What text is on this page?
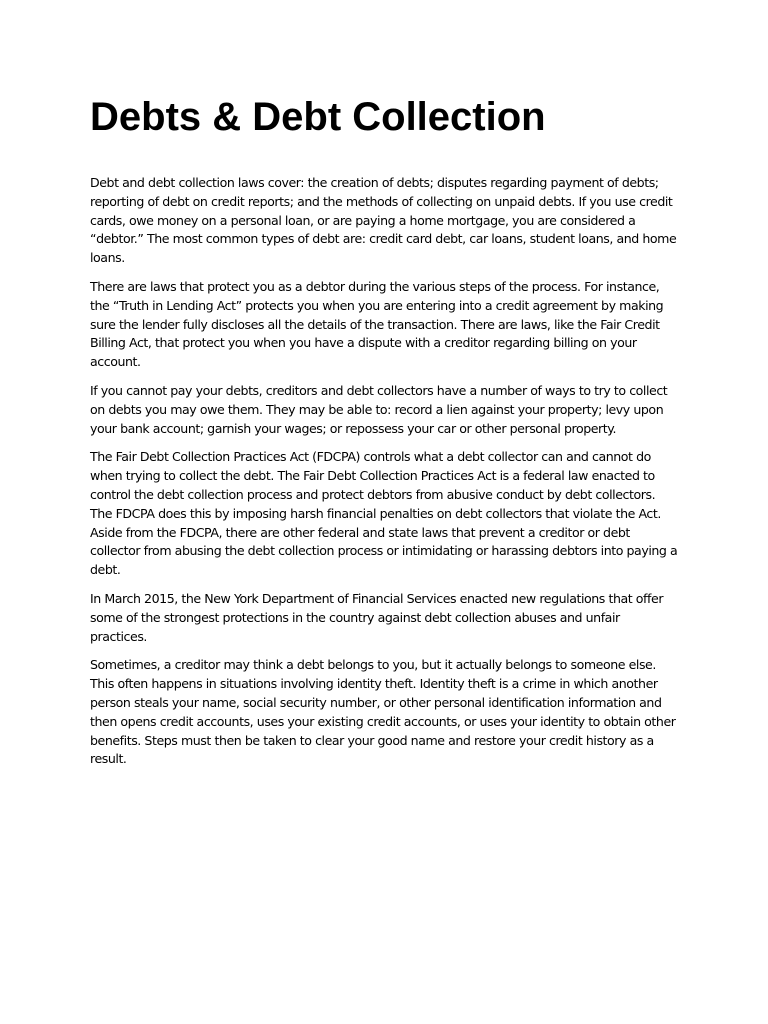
Debts & Debt Collection

Debt and debt collection laws cover: the creation of debts; disputes regarding payment of debts; reporting of debt on credit reports; and the methods of collecting on unpaid debts. If you use credit cards, owe money on a personal loan, or are paying a home mortgage, you are considered a “debtor.” The most common types of debt are: credit card debt, car loans, student loans, and home loans.

There are laws that protect you as a debtor during the various steps of the process. For instance, the “Truth in Lending Act” protects you when you are entering into a credit agreement by making sure the lender fully discloses all the details of the transaction. There are laws, like the Fair Credit Billing Act, that protect you when you have a dispute with a creditor regarding billing on your account.

If you cannot pay your debts, creditors and debt collectors have a number of ways to try to collect on debts you may owe them. They may be able to: record a lien against your property; levy upon your bank account; garnish your wages; or repossess your car or other personal property.

The Fair Debt Collection Practices Act (FDCPA) controls what a debt collector can and cannot do when trying to collect the debt. The Fair Debt Collection Practices Act is a federal law enacted to control the debt collection process and protect debtors from abusive conduct by debt collectors. The FDCPA does this by imposing harsh financial penalties on debt collectors that violate the Act. Aside from the FDCPA, there are other federal and state laws that prevent a creditor or debt collector from abusing the debt collection process or intimidating or harassing debtors into paying a debt.

In March 2015, the New York Department of Financial Services enacted new regulations that offer some of the strongest protections in the country against debt collection abuses and unfair practices.

Sometimes, a creditor may think a debt belongs to you, but it actually belongs to someone else. This often happens in situations involving identity theft. Identity theft is a crime in which another person steals your name, social security number, or other personal identification information and then opens credit accounts, uses your existing credit accounts, or uses your identity to obtain other benefits. Steps must then be taken to clear your good name and restore your credit history as a result.
